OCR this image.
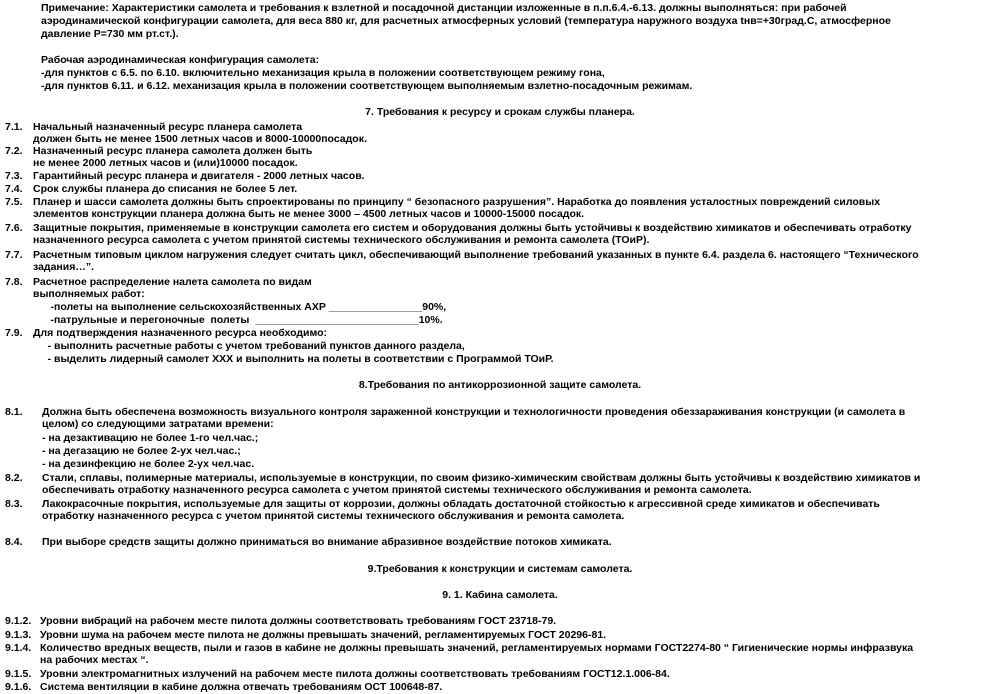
Примечание: Характеристики самолета и требования к взлетной и посадочной дистанции изложенные в п.п.6.4.-6.13. должны выполняться: при рабочей

аэродинамической конфигурации самолета, для веса 880 кг, для расчетных атмосферных условий (температура наружного воздуха tнв=+30град.С, атмосферное

давление Р=730 мм рт.ст.).

Рабочая аэродинамическая конфигурация самолета:

-для пунктов с 6.5. по 6.10. включительно механизация крыла в положении соответствующем режиму гона,

-для пунктов 6.11. и 6.12. механизация крыла в положении соответствующем выполняемым взлетно-посадочным режимам.

7. Требования к ресурсу и срокам службы планера.

7.1. Начальный назначенный ресурс планера самолета

должен быть не менее 1500 летных часов и 8000-10000посадок.

7.2. Назначенный ресурс планера самолета должен быть

не менее 2000 летных часов и (или)10000 посадок.

7.3. Гарантийный ресурс планера и двигателя - 2000 летных часов.

7.4. Срок службы планера до списания не более 5 лет.

7.5. Планер и шасси самолета должны быть спроектированы по принципу “ безопасного разрушения”. Наработка до появления усталостных повреждений силовых

элементов конструкции планера должна быть не менее 3000 – 4500 летных часов и 10000-15000 посадок.

7.6. Защитные покрытия, применяемые в конструкции самолета его систем и оборудования должны быть устойчивы к воздействию химикатов и обеспечивать отработку

назначенного ресурса самолета с учетом принятой системы технического обслуживания и ремонта самолета (ТОиР).

7.7. Расчетным типовым циклом нагружения следует считать цикл, обеспечивающий выполнение требований указанных в пункте 6.4. раздела 6. настоящего “Технического

задания…”.

7.8. Расчетное распределение налета самолета по видам

выполняемых работ:

-полеты на выполнение сельскохозяйственных АХР ________________90%,

-патрульные и перегоночные  полеты  ____________________________10%.

7.9. Для подтверждения назначенного ресурса необходимо:

- выполнить расчетные работы с учетом требований пунктов данного раздела,

- выделить лидерный самолет ХХХ и выполнить на полеты в соответствии с Программой ТОиР.

8.Требования по антикоррозионной защите самолета.

8.1. Должна быть обеспечена возможность визуального контроля зараженной конструкции и технологичности проведения обеззараживания конструкции (и самолета в

целом) со следующими затратами времени:

- на дезактивацию не более 1-го чел.час.;

- на дегазацию не более 2-ух чел.час.;

- на дезинфекцию не более 2-ух чел.час.

8.2. Стали, сплавы, полимерные материалы, используемые в конструкции, по своим физико-химическим свойствам должны быть устойчивы к воздействию химикатов и

обеспечивать отработку назначенного ресурса самолета с учетом принятой системы технического обслуживания и ремонта самолета.

8.3. Лакокрасочные покрытия, используемые для защиты от коррозии, должны обладать достаточной стойкостью к агрессивной среде химикатов и обеспечивать

отработку назначенного ресурса с учетом принятой системы технического обслуживания и ремонта самолета.

8.4. При выборе средств защиты должно приниматься во внимание абразивное воздействие потоков химиката.

9.Требования к конструкции и системам самолета.

9. 1. Кабина самолета.

9.1.2. Уровни вибраций на рабочем месте пилота должны соответствовать требованиям ГОСТ 23718-79.

9.1.3. Уровни шума на рабочем месте пилота не должны превышать значений, регламентируемых ГОСТ 20296-81.

9.1.4. Количество вредных веществ, пыли и газов в кабине не должны превышать значений, регламентируемых нормами ГОСТ2274-80 “ Гигиенические нормы инфразвука

на рабочих местах “.

9.1.5. Уровни электромагнитных излучений на рабочем месте пилота должны соответствовать требованиям ГОСТ12.1.006-84.

9.1.6. Система вентиляции в кабине должна отвечать требованиям ОСТ 100648-87.
